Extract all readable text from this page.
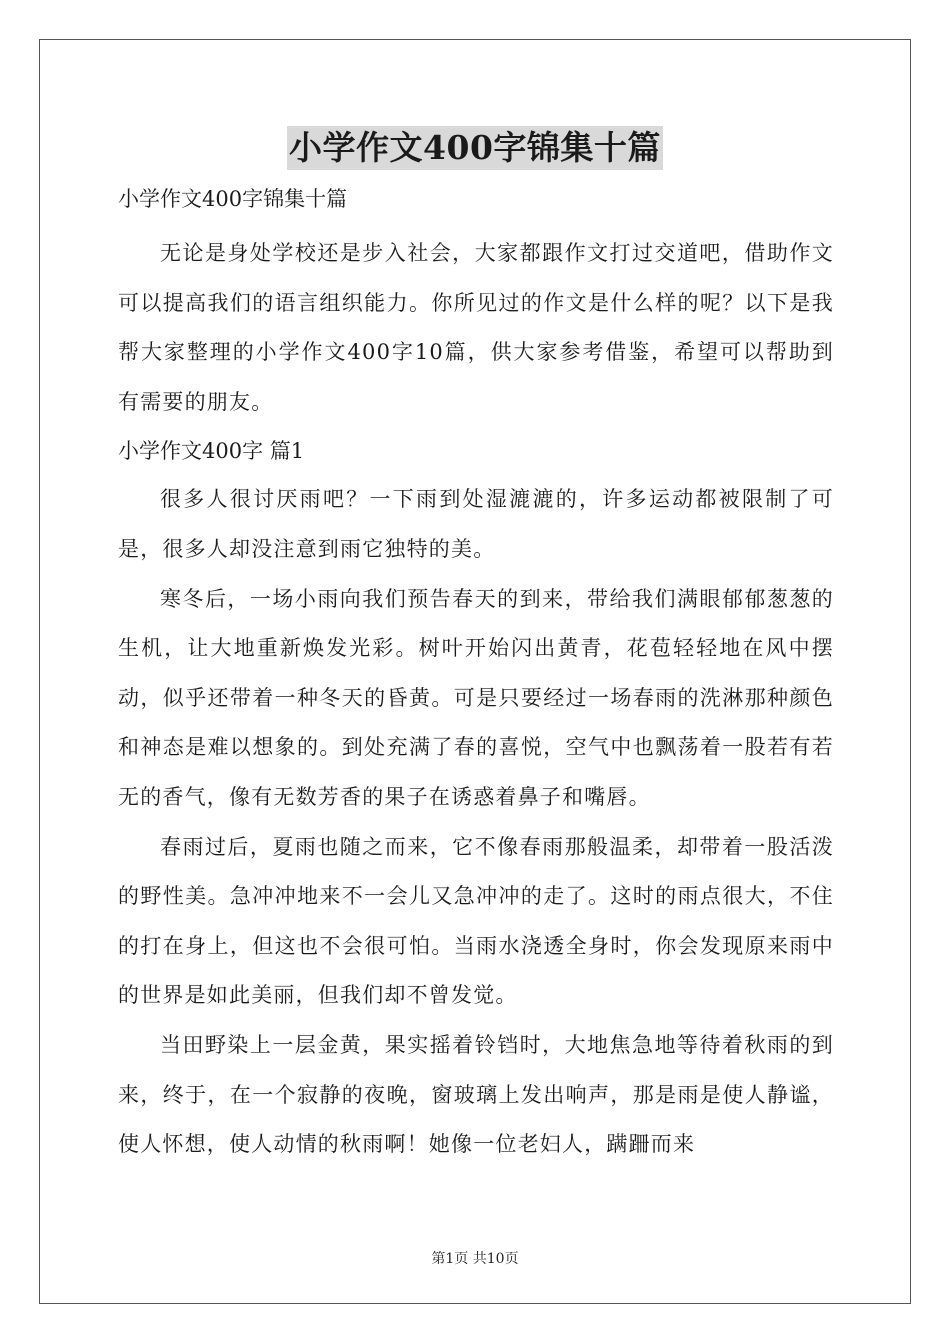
小学作文400字锦集十篇

小学作文400字锦集十篇

无论是身处学校还是步入社会，大家都跟作文打过交道吧，借助作文可以提高我们的语言组织能力。你所见过的作文是什么样的呢？以下是我帮大家整理的小学作文400字10篇，供大家参考借鉴，希望可以帮助到有需要的朋友。

小学作文400字 篇1

很多人很讨厌雨吧？一下雨到处湿漉漉的，许多运动都被限制了可是，很多人却没注意到雨它独特的美。

寒冬后，一场小雨向我们预告春天的到来，带给我们满眼郁郁葱葱的生机，让大地重新焕发光彩。树叶开始闪出黄青，花苞轻轻地在风中摆动，似乎还带着一种冬天的昏黄。可是只要经过一场春雨的洗淋那种颜色和神态是难以想象的。到处充满了春的喜悦，空气中也飘荡着一股若有若无的香气，像有无数芳香的果子在诱惑着鼻子和嘴唇。

春雨过后，夏雨也随之而来，它不像春雨那般温柔，却带着一股活泼的野性美。急冲冲地来不一会儿又急冲冲的走了。这时的雨点很大，不住的打在身上，但这也不会很可怕。当雨水浇透全身时，你会发现原来雨中的世界是如此美丽，但我们却不曾发觉。

当田野染上一层金黄，果实摇着铃铛时，大地焦急地等待着秋雨的到来，终于，在一个寂静的夜晚，窗玻璃上发出响声，那是雨是使人静谧，使人怀想，使人动情的秋雨啊！她像一位老妇人，蹒跚而来

第1页 共10页
